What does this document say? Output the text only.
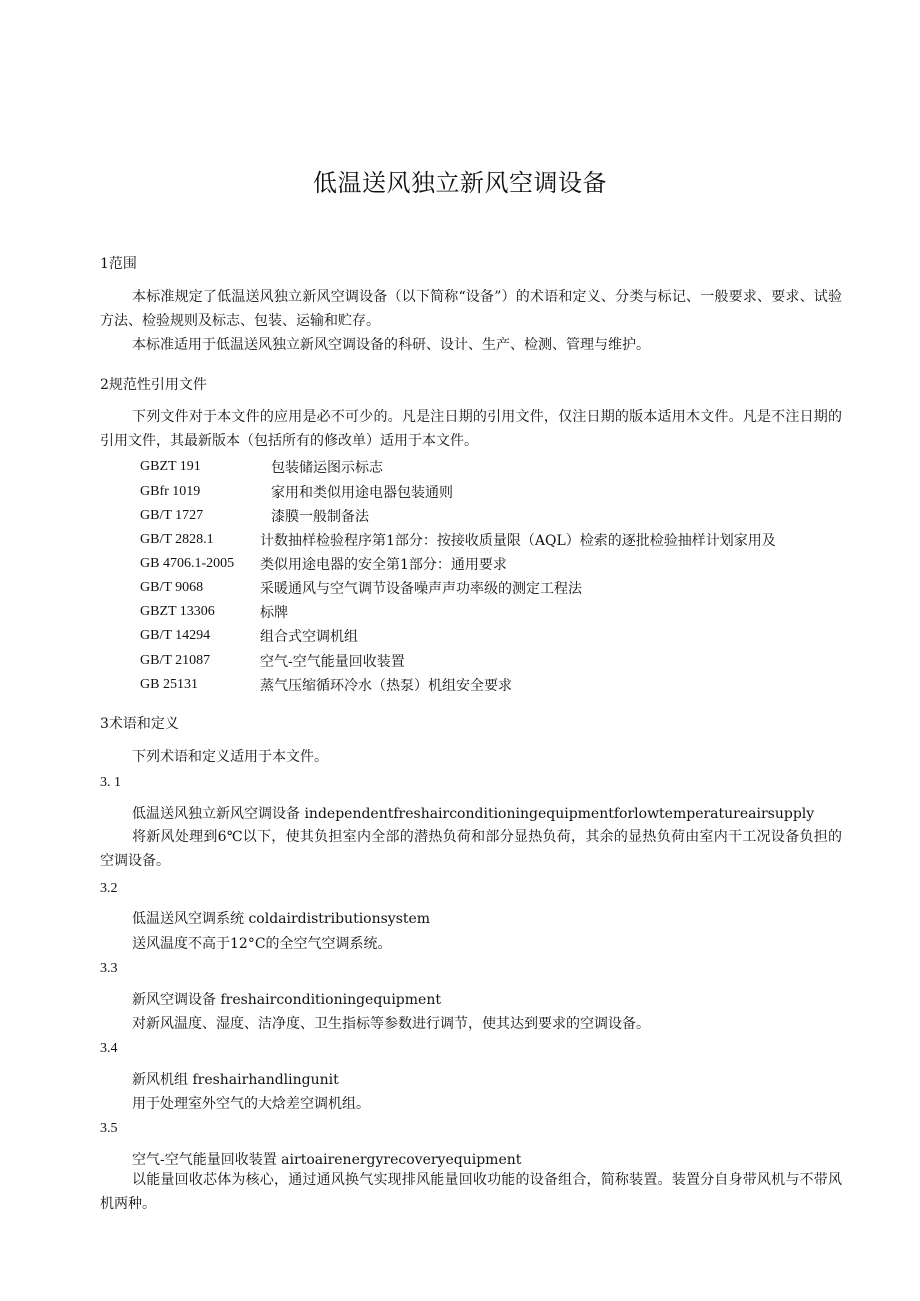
低温送风独立新风空调设备
1范围
本标准规定了低温送风独立新风空调设备（以下简称“设备”）的术语和定义、分类与标记、一般要求、要求、试验方法、检验规则及标志、包装、运输和贮存。
本标准适用于低温送风独立新风空调设备的科研、设计、生产、检测、管理与维护。
2规范性引用文件
下列文件对于本文件的应用是必不可少的。凡是注日期的引用文件，仅注日期的版本适用木文件。凡是不注日期的引用文件，其最新版本（包括所有的修改单）适用于本文件。
GBZT 191	包装储运图示标志
GBfr 1019	家用和类似用途电器包装通则
GB/T 1727	漆膜一般制备法
GB/T 2828.1	计数抽样检验程序第1部分：按接收质量限（AQL）检索的逐批检验抽样计划家用及
GB 4706.1-2005 类似用途电器的安全第1部分：通用要求
GB/T 9068	采暖通风与空气调节设备噪声声功率级的测定工程法
GBZT 13306	标牌
GB/T 14294	组合式空调机组
GB/T 21087	空气-空气能量回收装置
GB 25131	蒸气压缩循环冷水（热泵）机组安全要求
3术语和定义
下列术语和定义适用于本文件。
3. 1
低温送风独立新风空调设备 independentfreshairconditioningequipmentforlowtemperatureairsupply
将新风处理到6℃以下，使其负担室内全部的潜热负荷和部分显热负荷，其余的显热负荷由室内干工况设备负担的空调设备。
3.2
低温送风空调系统 coldairdistributionsystem
送风温度不高于12°C的全空气空调系统。
3.3
新风空调设备 freshairconditioningequipment
对新风温度、湿度、洁净度、卫生指标等参数进行调节，使其达到要求的空调设备。
3.4
新风机组 freshairhandlingunit
用于处理室外空气的大焓差空调机组。
3.5
空气-空气能量回收装置 airtoairenergyrecoveryequipment
以能量回收芯体为核心，通过通风换气实现排风能量回收功能的设备组合，简称装置。装置分自身带风机与不带风机两种。
